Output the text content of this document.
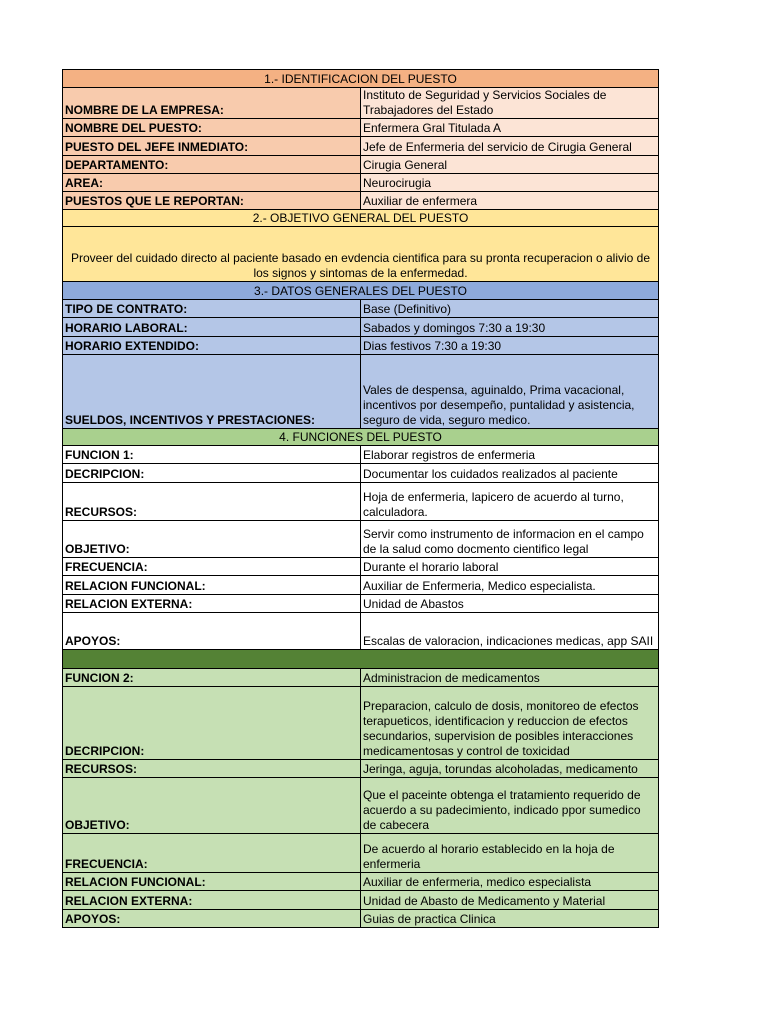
1.- IDENTIFICACION DEL PUESTO	
NOMBRE DE LA EMPRESA:	Instituto de Seguridad y Servicios Sociales de Trabajadores del Estado
NOMBRE DEL PUESTO:	Enfermera Gral Titulada A
PUESTO DEL JEFE INMEDIATO:	Jefe de Enfermeria del servicio de Cirugia General
DEPARTAMENTO:	Cirugia General
AREA:	Neurocirugia
PUESTOS QUE LE REPORTAN:	Auxiliar de enfermera
2.- OBJETIVO GENERAL DEL PUESTO	
Proveer del cuidado directo al paciente basado en evdencia cientifica para su pronta recuperacion o alivio de los signos y sintomas de la enfermedad.	
3.- DATOS GENERALES DEL PUESTO	
TIPO DE CONTRATO:	Base (Definitivo)
HORARIO LABORAL:	Sabados y domingos 7:30 a 19:30
HORARIO EXTENDIDO:	Dias festivos 7:30 a 19:30
SUELDOS, INCENTIVOS Y PRESTACIONES:	Vales de despensa, aguinaldo, Prima vacacional, incentivos por desempeño, puntalidad y asistencia, seguro de vida, seguro medico.
4. FUNCIONES DEL PUESTO	
FUNCION 1:	Elaborar registros de enfermeria
DECRIPCION:	Documentar los cuidados realizados al paciente
RECURSOS:	Hoja de enfermeria, lapicero de acuerdo al turno, calculadora.
OBJETIVO:	Servir como instrumento de informacion en el campo de la salud como docmento cientifico legal
FRECUENCIA:	Durante el horario laboral
RELACION FUNCIONAL:	Auxiliar de Enfermeria, Medico especialista.
RELACION EXTERNA:	Unidad de Abastos
APOYOS:	Escalas de valoracion, indicaciones medicas, app SAII

FUNCION 2:	Administracion de medicamentos
DECRIPCION:	Preparacion, calculo de dosis, monitoreo de efectos terapueticos, identificacion y reduccion de efectos secundarios, supervision de posibles interacciones medicamentosas y control de toxicidad
RECURSOS:	Jeringa, aguja, torundas alcoholadas, medicamento
OBJETIVO:	Que el paceinte obtenga el tratamiento requerido de acuerdo a su padecimiento, indicado ppor sumedico de cabecera
FRECUENCIA:	De acuerdo al horario establecido en la hoja de enfermeria
RELACION FUNCIONAL:	Auxiliar de enfermeria, medico especialista
RELACION EXTERNA:	Unidad de Abasto de Medicamento y Material
APOYOS:	Guias de practica Clinica
